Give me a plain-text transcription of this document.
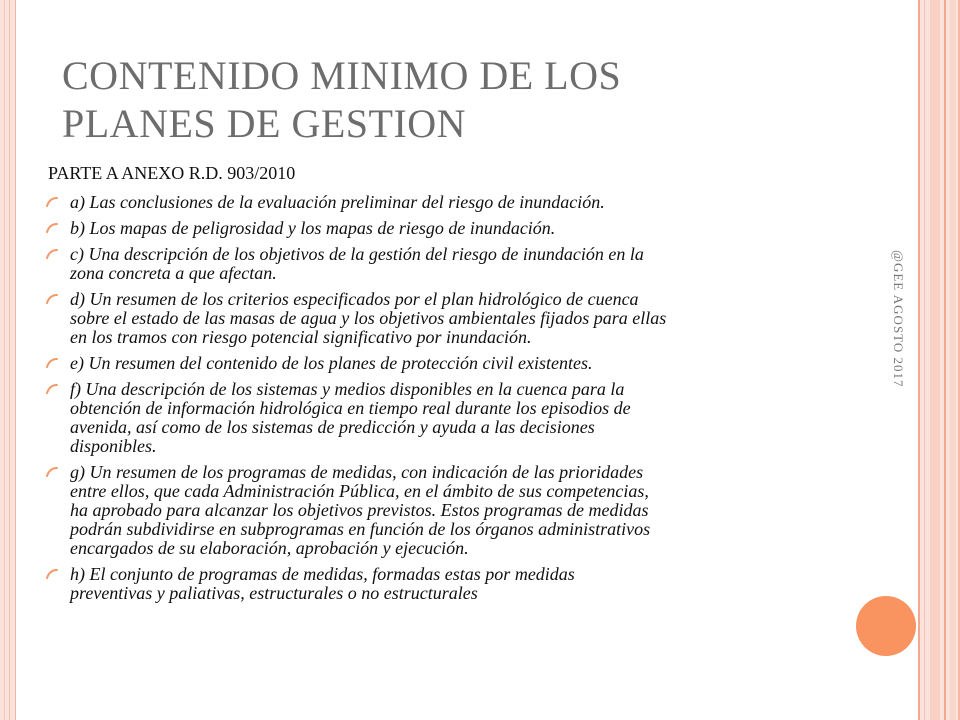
CONTENIDO MINIMO DE LOS
PLANES DE GESTION
PARTE A ANEXO R.D. 903/2010
a) Las conclusiones de la evaluación preliminar del riesgo de inundación.
b) Los mapas de peligrosidad y los mapas de riesgo de inundación.
c) Una descripción de los objetivos de la gestión del riesgo de inundación en la
zona concreta a que afectan.
d) Un resumen de los criterios especificados por el plan hidrológico de cuenca
sobre el estado de las masas de agua y los objetivos ambientales fijados para ellas
en los tramos con riesgo potencial significativo por inundación.
e) Un resumen del contenido de los planes de protección civil existentes.
f) Una descripción de los sistemas y medios disponibles en la cuenca para la
obtención de información hidrológica en tiempo real durante los episodios de
avenida, así como de los sistemas de predicción y ayuda a las decisiones
disponibles.
g) Un resumen de los programas de medidas, con indicación de las prioridades
entre ellos, que cada Administración Pública, en el ámbito de sus competencias,
ha aprobado para alcanzar los objetivos previstos. Estos programas de medidas
podrán subdividirse en subprogramas en función de los órganos administrativos
encargados de su elaboración, aprobación y ejecución.
h) El conjunto de programas de medidas, formadas estas por medidas
preventivas y paliativas, estructurales o no estructurales
@GEE AGOSTO 2017
